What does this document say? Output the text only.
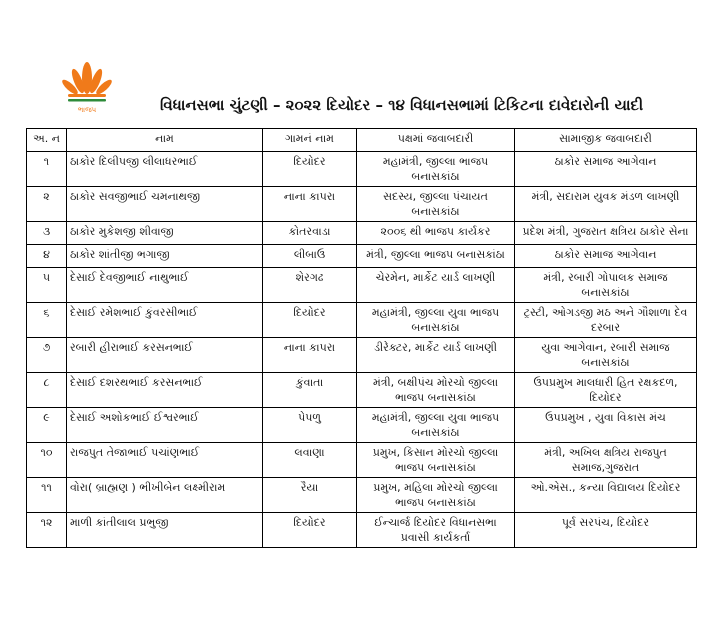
ભાજપ	વિધાનસભા ચુંટણી – ૨૦૨૨ દિયોદર – ૧૪ વિધાનસભામાં ટિકિટના દાવેદારોની યાદી
અ. ન	નામ	ગામનં નામ	પક્ષમાં જવાબદારી	સામાજીક જવાબદારી
૧	ઠાકોર દિલીપજી લીલાધરભાઈ	દિયોદર	મહામંત્રી, જીલ્લા ભાજપ બનાસકાંઠા	ઠાકોર સમાજ આગેવાન
૨	ઠાકોર સવજીભાઈ ચમનાથજી	નાના કાપરા	સદસ્ય, જીલ્લા પંચાયત બનાસકાંઠા	મંત્રી, સદારામ યુવક મંડળ લાખણી
૩	ઠાકોર મુકેશજી શીવાજી	કોતરવાડા	૨૦૦૬ થી ભાજપ કાર્યકર	પ્રદેશ મંત્રી, ગુજરાત ક્ષત્રિય ઠાકોર સેના
૪	ઠાકોર શાંતીજી ભગાજી	લીબાઉ	મંત્રી, જીલ્લા ભાજપ બનાસકાંઠા	ઠાકોર સમાજ આગેવાન
૫	દેસાઈ દેવજીભાઈ નાથુભાઈ	શેરગઢ	ચેરમેન, માર્કેટ યાર્ડ લાખણી	મંત્રી, રબારી ગોપાલક સમાજ બનાસકાંઠા
૬	દેસાઈ રમેશભાઈ કુંવરસીભાઈ	દિયોદર	મહામંત્રી, જીલ્લા યુવા ભાજપ બનાસકાંઠા	ટ્રસ્ટી, ઓગડજી મઠ અને ગૌશાળા દેવ દરબાર
૭	રબારી હીરાભાઈ કરસનભાઈ	નાના કાપરા	ડીરેક્ટર, માર્કેટ યાર્ડ લાખણી	યુવા આગેવાન, રબારી સમાજ બનાસકાંઠા
૮	દેસાઈ દશરથભાઈ કરસનભાઈ	કુંવાતા	મંત્રી, બક્ષીપંચ મોરચો જીલ્લા ભાજપ બનાસકાંઠા	ઉપપ્રમુખ માલધારી હિત રક્ષકદળ, દિયોદર
૯	દેસાઈ અશોકભાઈ ઈશ્વરભાઈ	પેપળુ	મહામંત્રી, જીલ્લા યુવા ભાજપ બનાસકાંઠા	ઉપપ્રમુખ , યુવા વિકાસ મંચ
૧૦	રાજપુત તેજાભાઈ પચાંણભાઈ	લવાણા	પ્રમુખ, કિસાન મોરચો જીલ્લા ભાજપ બનાસકાંઠા	મંત્રી, અખિલ ક્ષત્રિય રાજપુત સમાજ,ગુજરાત
૧૧	વોરા( બ્રાહ્મણ ) ભીખીબેન લક્ષ્મીરામ	રૈયા	પ્રમુખ, મહિલા મોરચો જીલ્લા ભાજપ બનાસકાંઠા	ઓ.એસ., કન્યા વિદ્યાલય દિયોદર
૧૨	માળી કાંતીલાલ પ્રભુજી	દિયોદર	ઈન્ચાર્જ દિયોદર વિધાનસભા પ્રવાસી કાર્યકર્તા	પૂર્વ સરપંચ, દિયોદર
